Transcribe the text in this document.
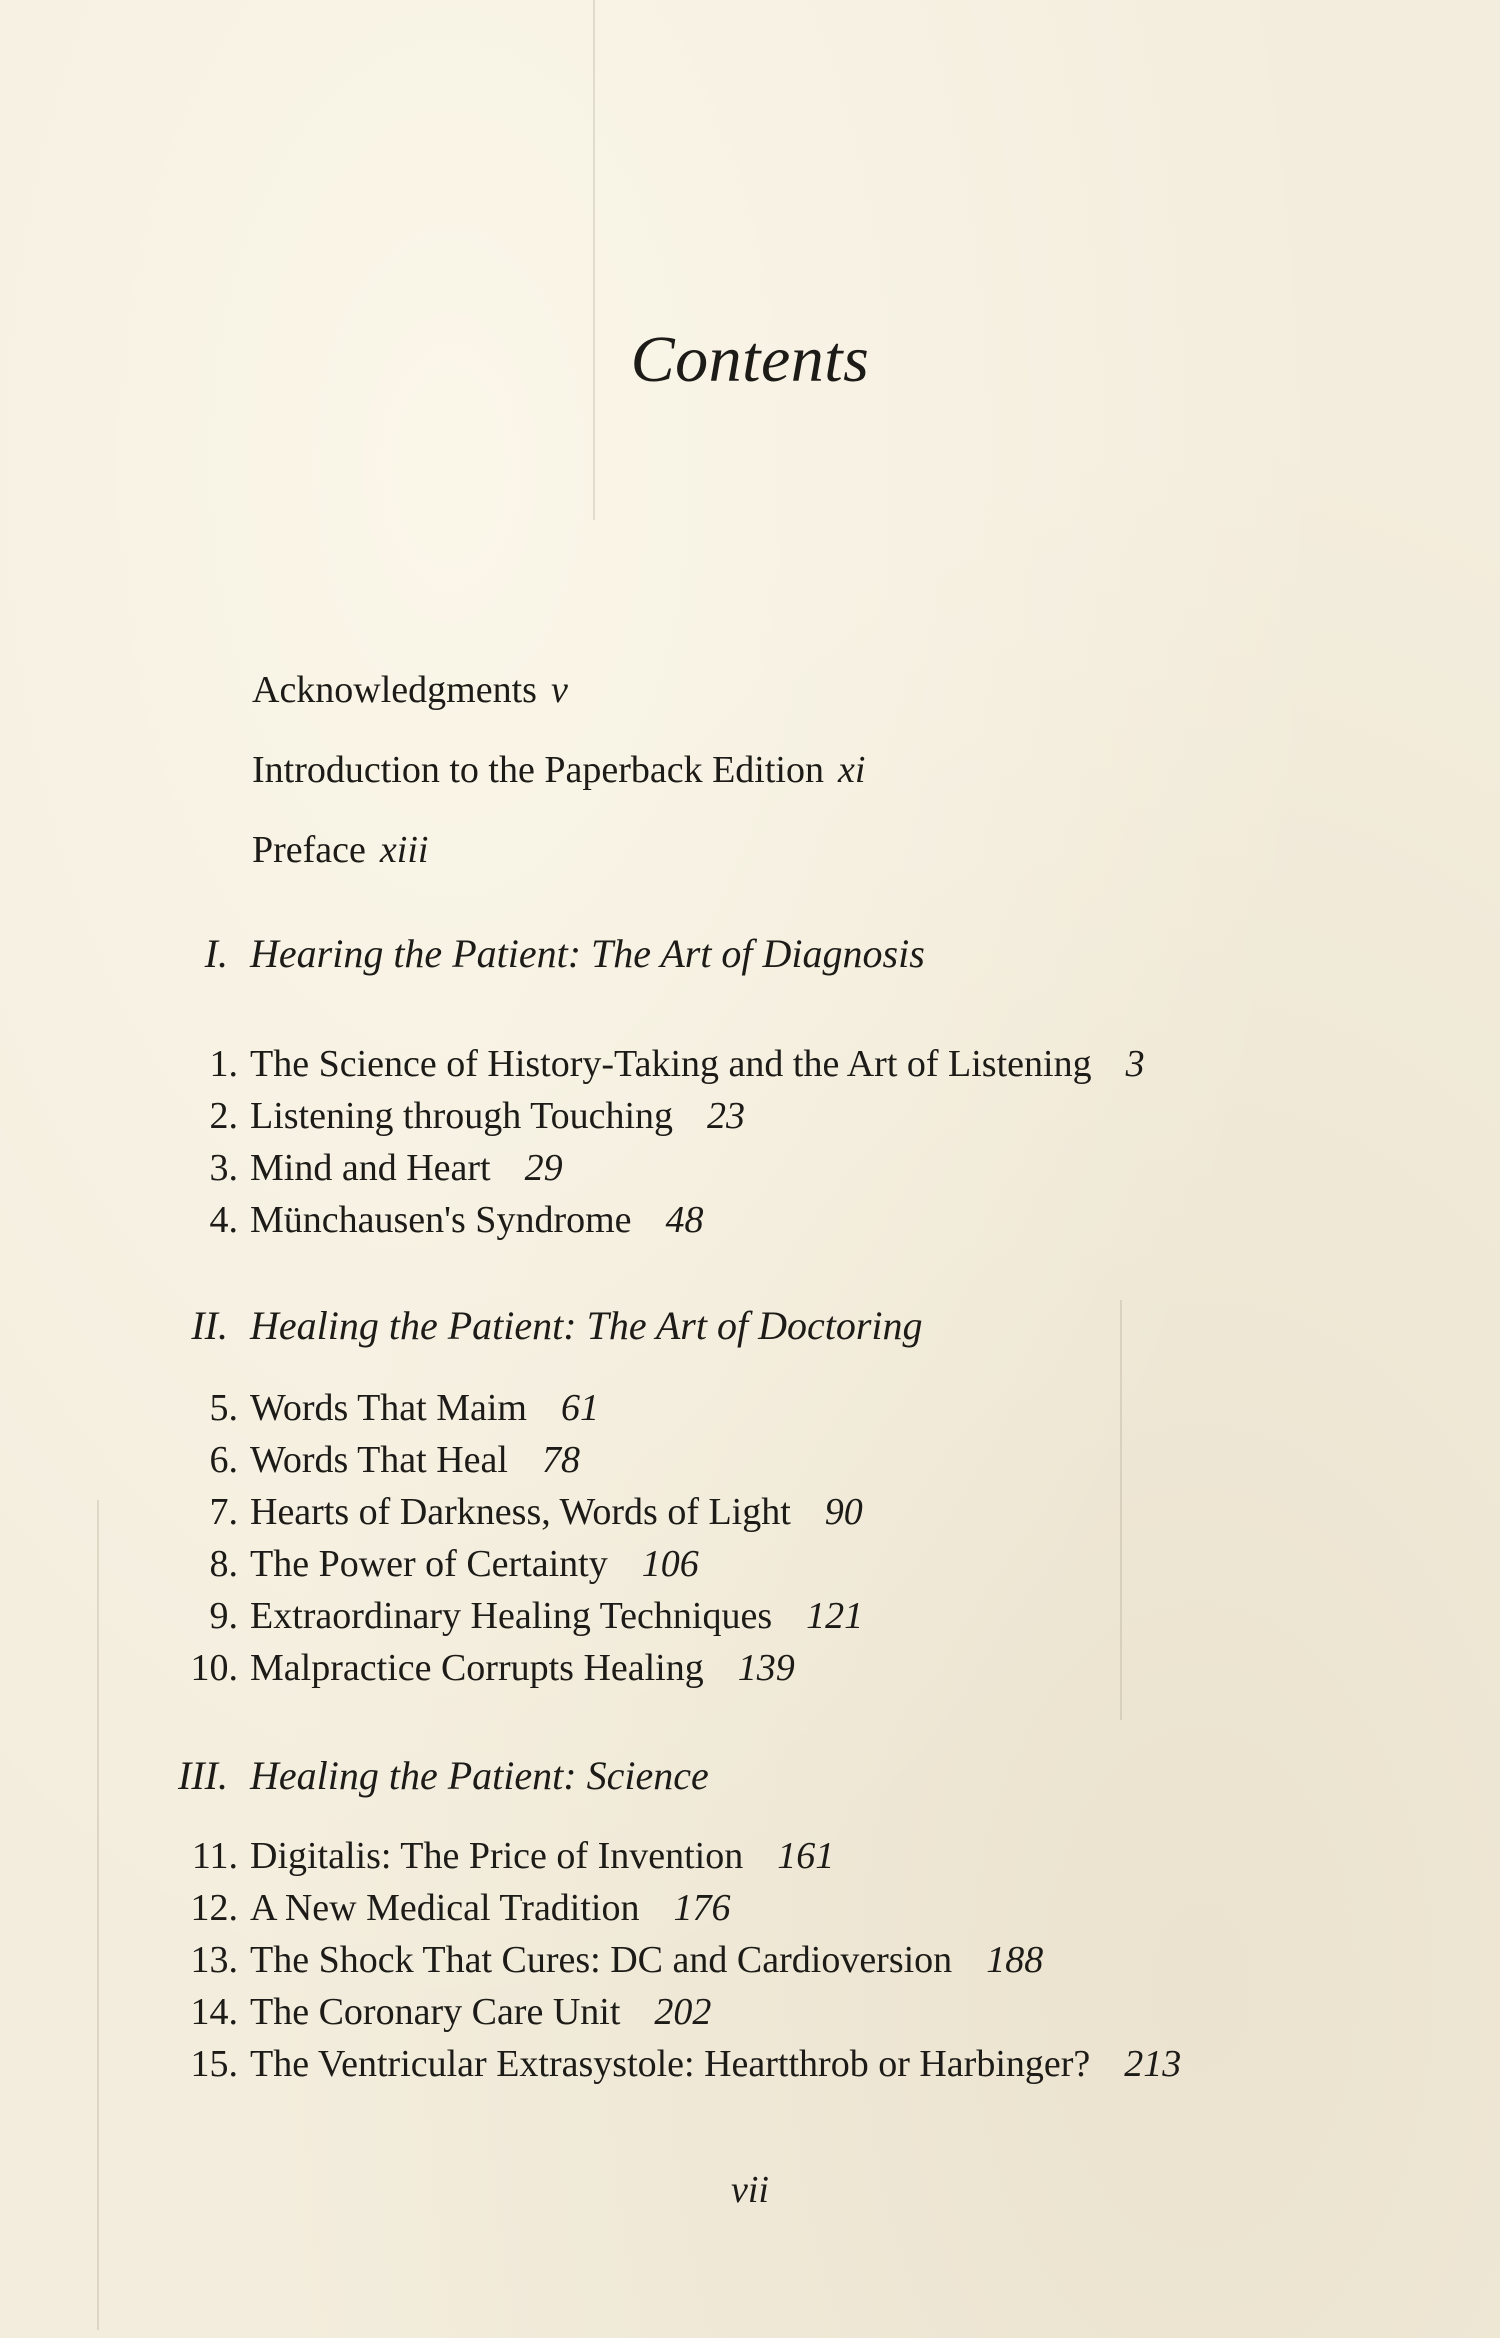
Contents
Acknowledgments v
Introduction to the Paperback Edition xi
Preface xiii
I. Hearing the Patient: The Art of Diagnosis
1. The Science of History-Taking and the Art of Listening 3
2. Listening through Touching 23
3. Mind and Heart 29
4. Münchausen's Syndrome 48
II. Healing the Patient: The Art of Doctoring
5. Words That Maim 61
6. Words That Heal 78
7. Hearts of Darkness, Words of Light 90
8. The Power of Certainty 106
9. Extraordinary Healing Techniques 121
10. Malpractice Corrupts Healing 139
III. Healing the Patient: Science
11. Digitalis: The Price of Invention 161
12. A New Medical Tradition 176
13. The Shock That Cures: DC and Cardioversion 188
14. The Coronary Care Unit 202
15. The Ventricular Extrasystole: Heartthrob or Harbinger? 213
vii
